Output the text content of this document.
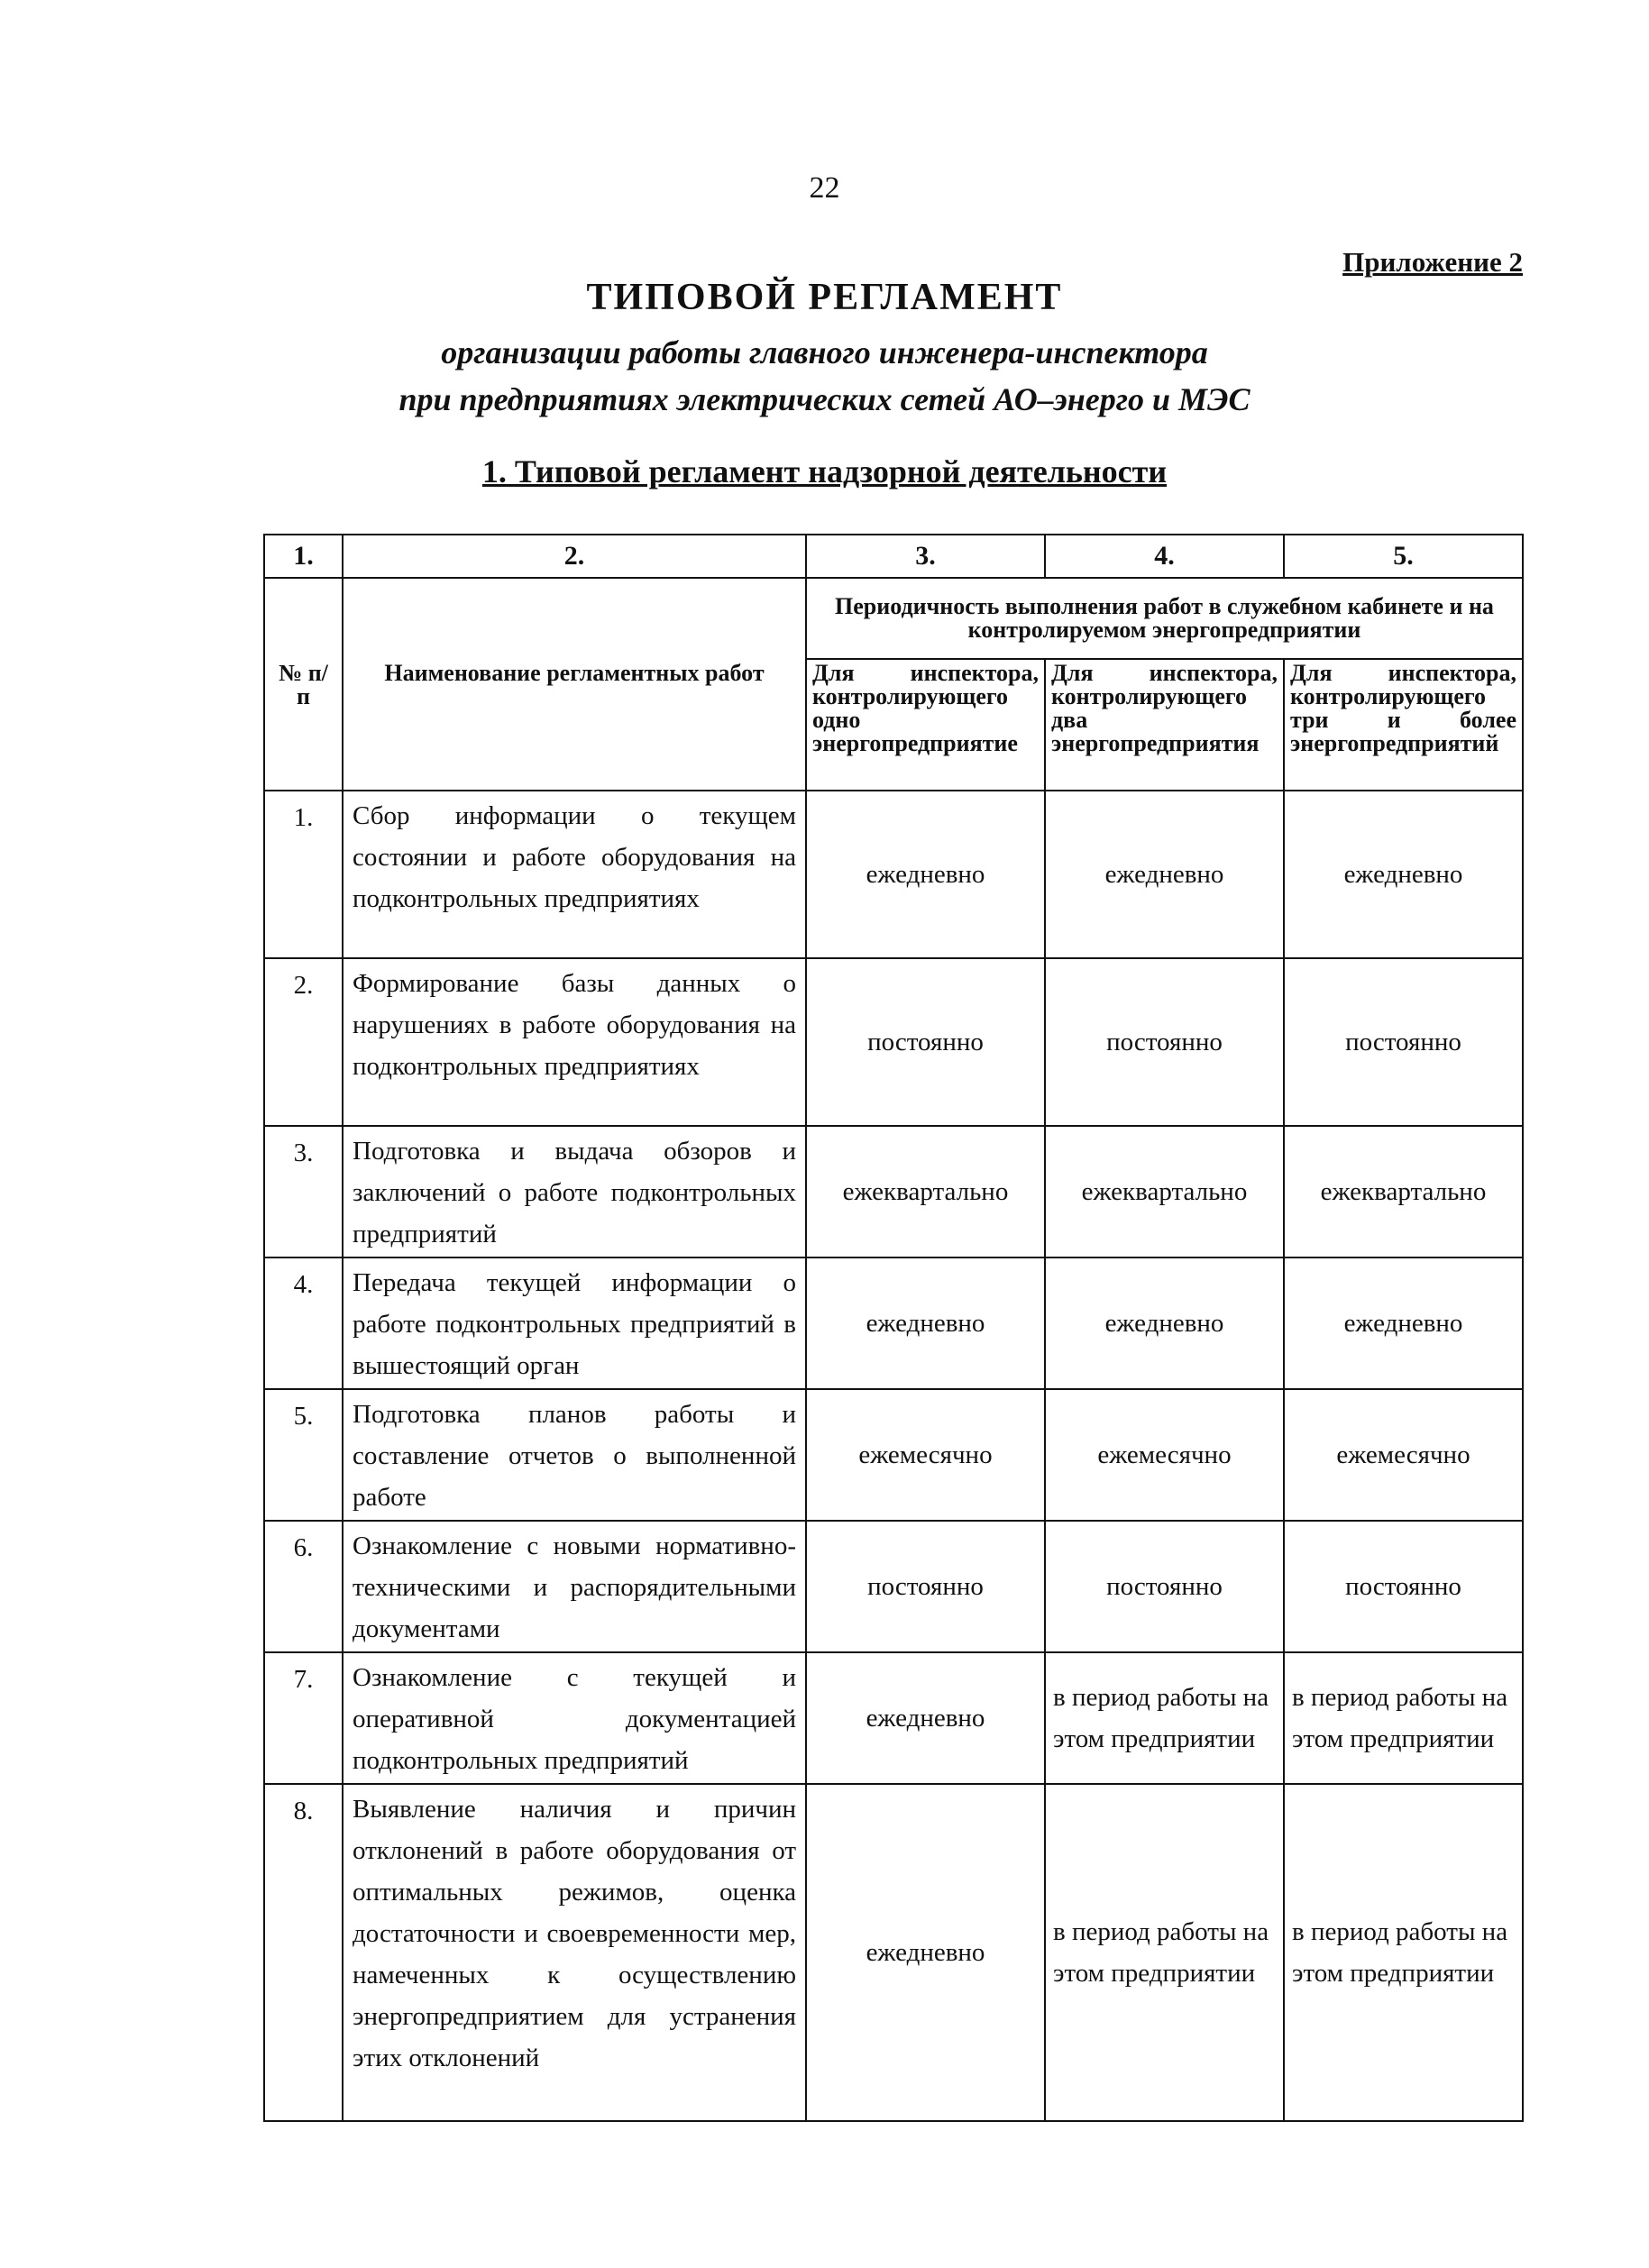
22
Приложение 2
ТИПОВОЙ РЕГЛАМЕНТ
организации работы главного инженера-инспектора
при предприятиях электрических сетей АО–энерго и МЭС
1. Типовой регламент надзорной деятельности
1.	2.	3.	4.	5.
№ п/п	Наименование регламентных работ	Периодичность выполнения работ в служебном кабинете и на контролируемом энергопредприятии		
		Для инспектора, контролирующего одно энергопредприятие	Для инспектора, контролирующего два энергопредприятия	Для инспектора, контролирующего три и более энергопредприятий
1.	Сбор информации о текущем состоянии и работе оборудования на подконтрольных предприятиях	ежедневно	ежедневно	ежедневно
2.	Формирование базы данных о нарушениях в работе оборудования на подконтрольных предприятиях	постоянно	постоянно	постоянно
3.	Подготовка и выдача обзоров и заключений о работе подконтрольных предприятий	ежеквартально	ежеквартально	ежеквартально
4.	Передача текущей информации о работе подконтрольных предприятий в вышестоящий орган	ежедневно	ежедневно	ежедневно
5.	Подготовка планов работы и составление отчетов о выполненной работе	ежемесячно	ежемесячно	ежемесячно
6.	Ознакомление с новыми нормативно-техническими и распорядительными документами	постоянно	постоянно	постоянно
7.	Ознакомление с текущей и оперативной документацией подконтрольных предприятий	ежедневно	в период работы на этом предприятии	в период работы на этом предприятии
8.	Выявление наличия и причин отклонений в работе оборудования от оптимальных режимов, оценка достаточности и своевременности мер, намеченных к осуществлению энергопредприятием для устранения этих отклонений	ежедневно	в период работы на этом предприятии	в период работы на этом предприятии
